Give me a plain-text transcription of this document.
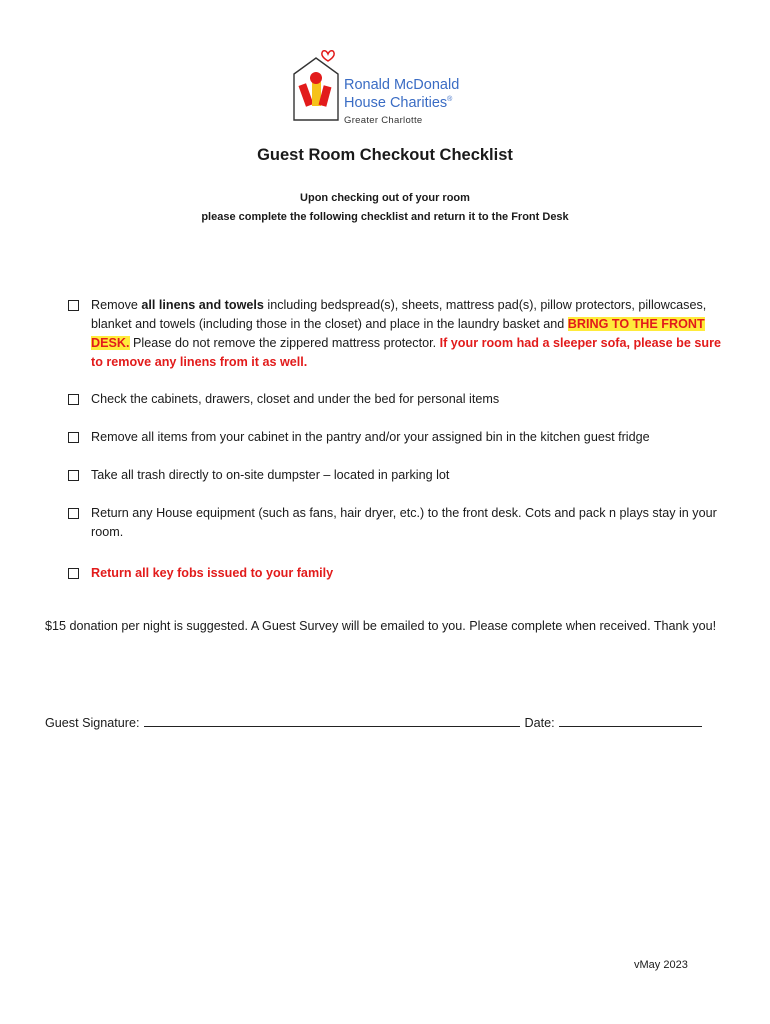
Ronald McDonald
House Charities®
Greater Charlotte
Guest Room Checkout Checklist
Upon checking out of your room
please complete the following checklist and return it to the Front Desk
Remove all linens and towels including bedspread(s), sheets, mattress pad(s), pillow protectors, pillowcases, blanket and towels (including those in the closet) and place in the laundry basket and BRING TO THE FRONT DESK. Please do not remove the zippered mattress protector. If your room had a sleeper sofa, please be sure to remove any linens from it as well.
Check the cabinets, drawers, closet and under the bed for personal items
Remove all items from your cabinet in the pantry and/or your assigned bin in the kitchen guest fridge
Take all trash directly to on-site dumpster – located in parking lot
Return any House equipment (such as fans, hair dryer, etc.) to the front desk. Cots and pack n plays stay in your room.
Return all key fobs issued to your family
$15 donation per night is suggested. A Guest Survey will be emailed to you. Please complete when received. Thank you!
Guest Signature:	Date:
vMay 2023
